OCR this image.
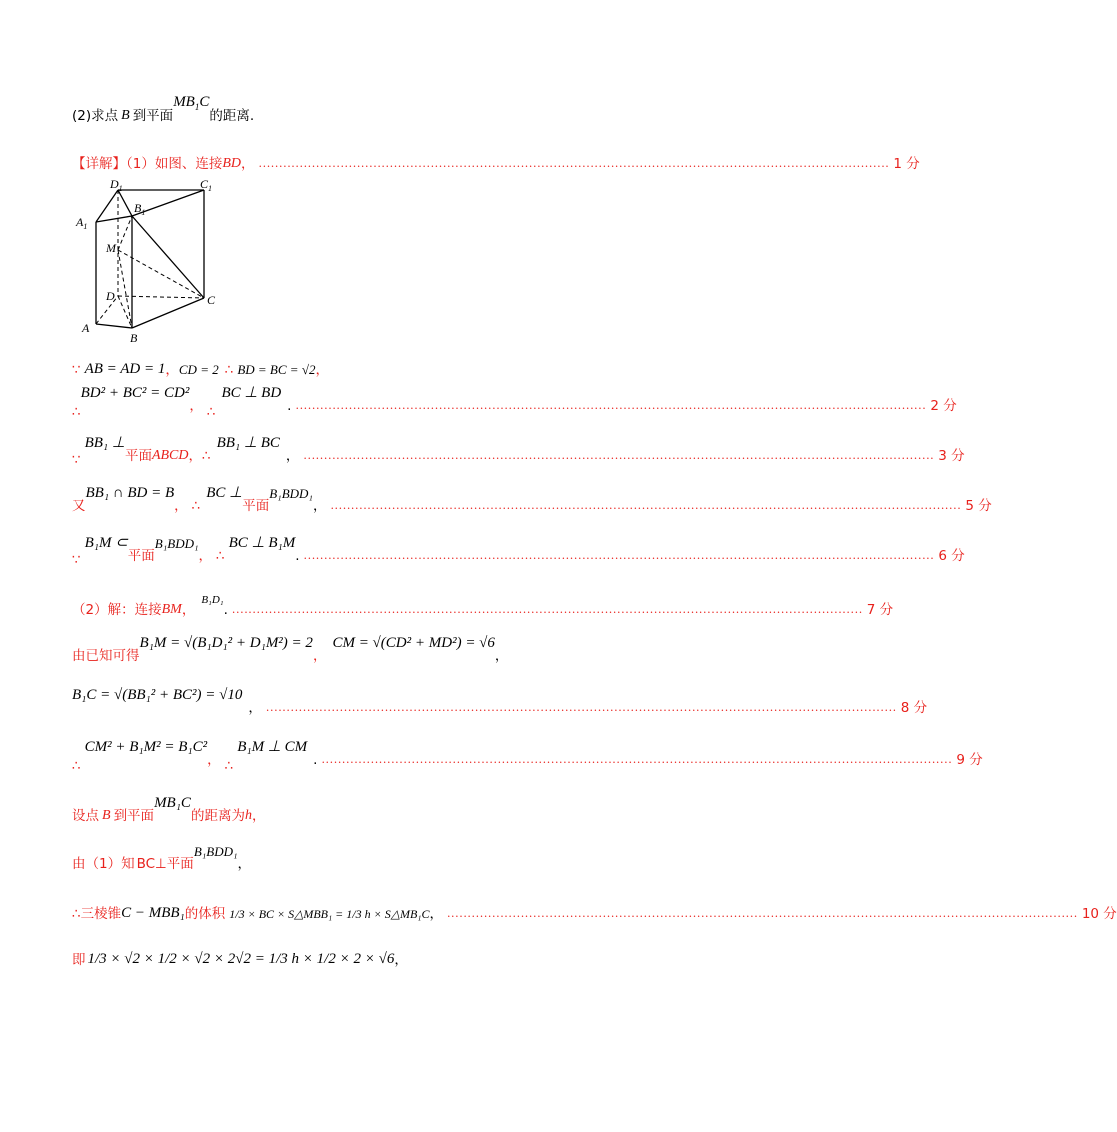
(2)求点 B 到平面
$MB_1C$
的距离.
【详解】（1）如图、连接 BD ， .......................................................................................................................................................... 1 分
$D_1$	$C_1$
$A_1$
$B_1$
M
D	C
A
B
∵ AB = AD = 1 ， CD = 2 ∴ BD = BC = √2 ，
∴
BD² + BC² = CD²
， ∴
BC ⊥ BD
. .......................................................................................................................................................... 2 分
∵
BB₁ ⊥
平面 ABCD ， ∴
BB₁ ⊥ BC
， .......................................................................................................................................................... 3 分
又
BB₁ ∩ BD = B
， ∴
BC ⊥
平面
B₁BDD₁
， .......................................................................................................................................................... 5 分
∵
B₁M ⊂
平面
B₁BDD₁
， ∴
BC ⊥ B₁M
. .......................................................................................................................................................... 6 分
（2）解：连接 BM ，
B₁D₁
. .......................................................................................................................................................... 7 分
由已知可得
B₁M = √(B₁D₁² + D₁M²) = 2
，
CM = √(CD² + MD²) = √6
，
B₁C = √(BB₁² + BC²) = √10
， .......................................................................................................................................................... 8 分
∴
CM² + B₁M² = B₁C²
， ∴
B₁M ⊥ CM
. .......................................................................................................................................................... 9 分
设点 B 到平面
MB₁C
的距离为 h ，
由（1）知 BC⊥平面
B₁BDD₁
，
∴三棱锥 C − MBB₁ 的体积 1/3 × BC × S△MBB₁ = 1/3 h × S△MB₁C ， .......................................................................................................................................................... 10 分
即 1/3 × √2 × 1/2 × √2 × 2√2 = 1/3 h × 1/2 × 2 × √6 ，
